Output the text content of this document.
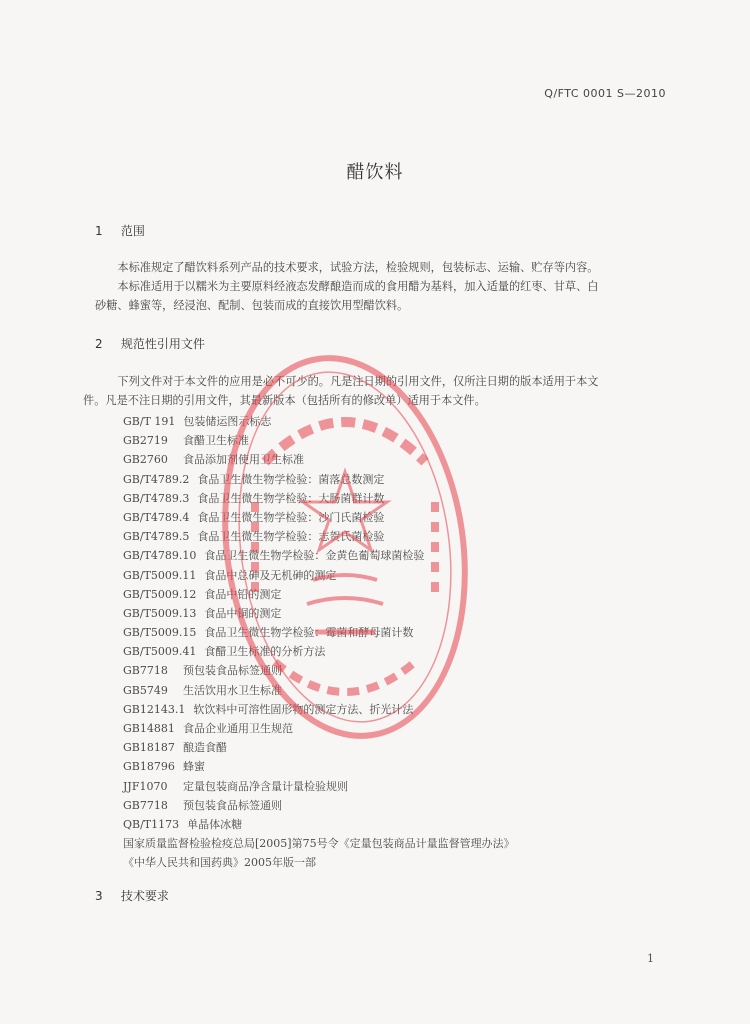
Q/FTC 0001 S—2010
醋饮料
1 范围

本标准规定了醋饮料系列产品的技术要求，试验方法，检验规则，包装标志、运输、贮存等内容。

本标准适用于以糯米为主要原料经液态发酵酿造而成的食用醋为基料，加入适量的红枣、甘草、白

砂糖、蜂蜜等，经浸泡、配制、包装而成的直接饮用型醋饮料。

2 规范性引用文件

下列文件对于本文件的应用是必不可少的。凡是注日期的引用文件，仅所注日期的版本适用于本文

件。凡是不注日期的引用文件，其最新版本（包括所有的修改单）适用于本文件。

GB/T 191 包装储运图示标志
GB2719 食醋卫生标准
GB2760 食品添加剂使用卫生标准
GB/T4789.2 食品卫生微生物学检验：菌落总数测定
GB/T4789.3 食品卫生微生物学检验：大肠菌群计数
GB/T4789.4 食品卫生微生物学检验：沙门氏菌检验
GB/T4789.5 食品卫生微生物学检验：志贺氏菌检验
GB/T4789.10 食品卫生微生物学检验：金黄色葡萄球菌检验
GB/T5009.11 食品中总砷及无机砷的测定
GB/T5009.12 食品中铅的测定
GB/T5009.13 食品中铜的测定
GB/T5009.15 食品卫生微生物学检验：霉菌和酵母菌计数
GB/T5009.41 食醋卫生标准的分析方法
GB7718 预包装食品标签通则
GB5749 生活饮用水卫生标准
GB12143.1 软饮料中可溶性固形物的测定方法、折光计法
GB14881 食品企业通用卫生规范
GB18187 酿造食醋
GB18796 蜂蜜
JJF1070 定量包装商品净含量计量检验规则
GB7718 预包装食品标签通则
QB/T1173 单晶体冰糖
国家质量监督检验检疫总局[2005]第75号令《定量包装商品计量监督管理办法》
《中华人民共和国药典》2005年版一部
3 技术要求
1
